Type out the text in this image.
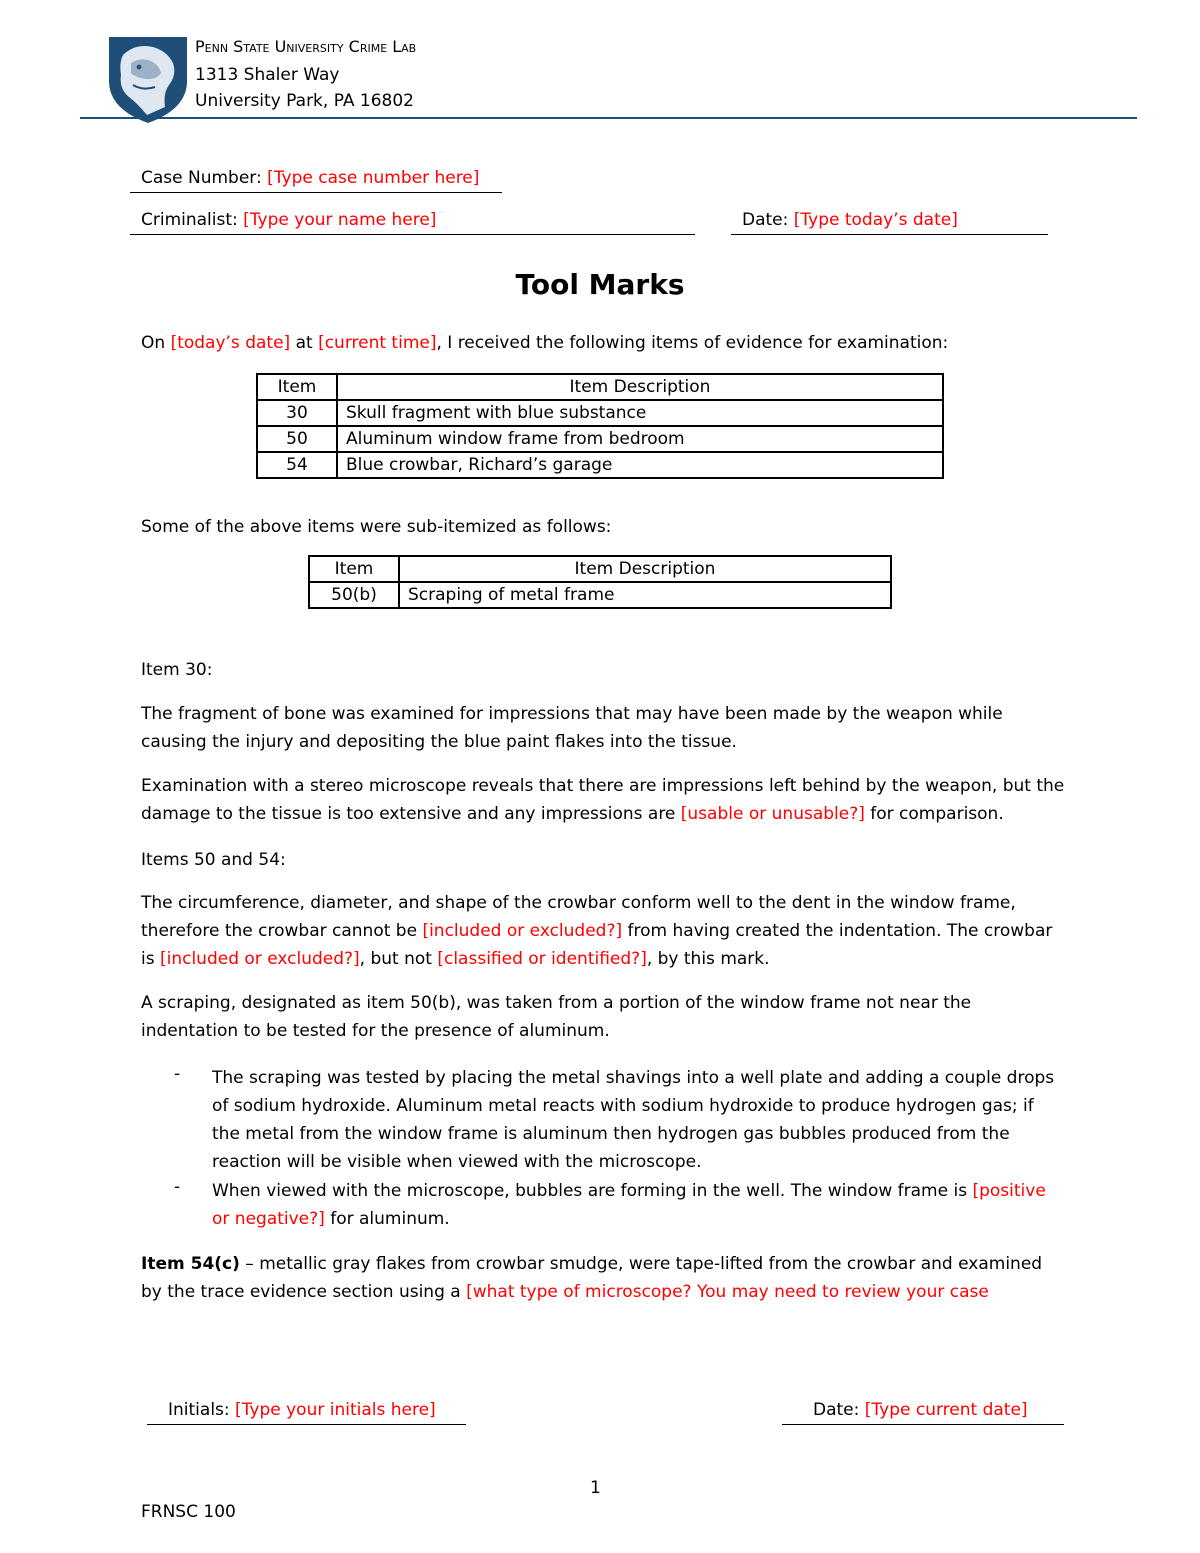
Penn State University Crime Lab
1313 Shaler Way
University Park, PA 16802
Case Number: [Type case number here]
Criminalist: [Type your name here]	Date: [Type today’s date]
Tool Marks
On [today’s date] at [current time], I received the following items of evidence for examination:
Item	Item Description
30	Skull fragment with blue substance
50	Aluminum window frame from bedroom
54	Blue crowbar, Richard’s garage
Some of the above items were sub-itemized as follows:
Item	Item Description
50(b)	Scraping of metal frame
Item 30:
The fragment of bone was examined for impressions that may have been made by the weapon while causing the injury and depositing the blue paint flakes into the tissue.
Examination with a stereo microscope reveals that there are impressions left behind by the weapon, but the damage to the tissue is too extensive and any impressions are [usable or unusable?] for comparison.
Items 50 and 54:
The circumference, diameter, and shape of the crowbar conform well to the dent in the window frame, therefore the crowbar cannot be [included or excluded?] from having created the indentation. The crowbar is [included or excluded?], but not [classified or identified?], by this mark.
A scraping, designated as item 50(b), was taken from a portion of the window frame not near the indentation to be tested for the presence of aluminum.
- The scraping was tested by placing the metal shavings into a well plate and adding a couple drops of sodium hydroxide. Aluminum metal reacts with sodium hydroxide to produce hydrogen gas; if the metal from the window frame is aluminum then hydrogen gas bubbles produced from the reaction will be visible when viewed with the microscope.
- When viewed with the microscope, bubbles are forming in the well. The window frame is [positive or negative?] for aluminum.
Item 54(c) – metallic gray flakes from crowbar smudge, were tape-lifted from the crowbar and examined by the trace evidence section using a [what type of microscope? You may need to review your case
Initials: [Type your initials here]	Date: [Type current date]
1
FRNSC 100
